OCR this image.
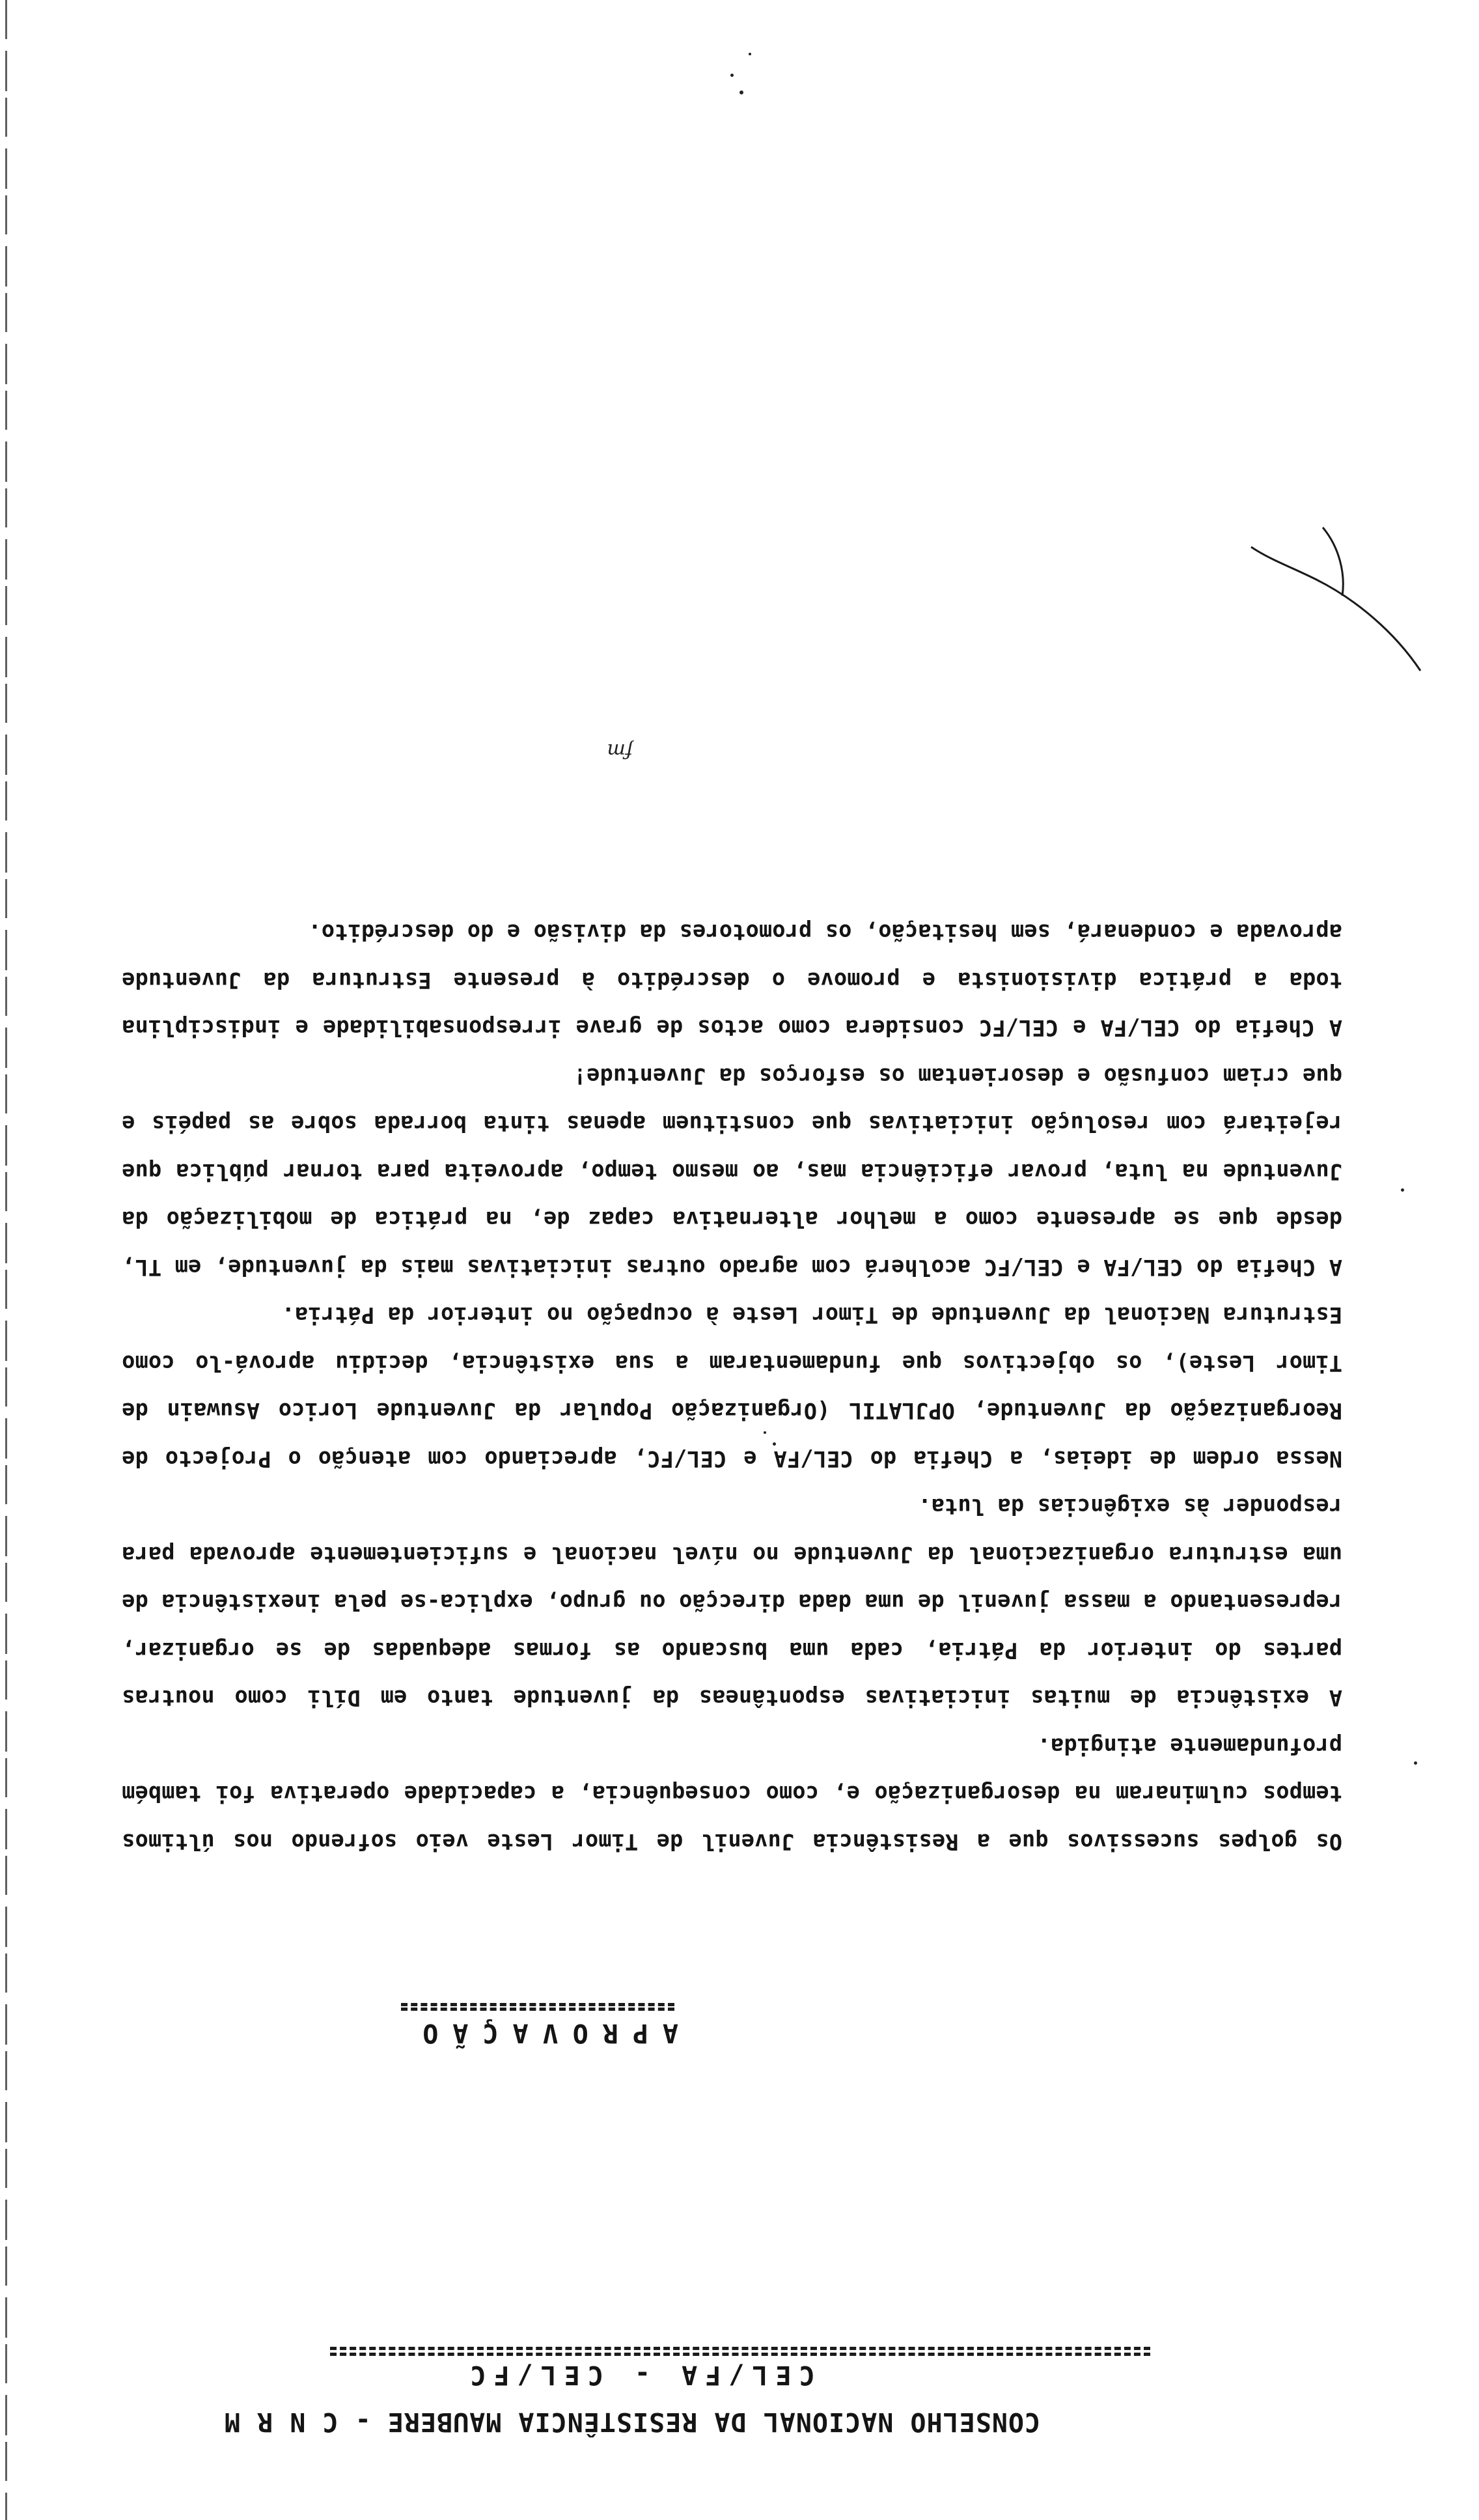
CONSELHO NACIONAL DA RESISTÊNCIA MAUBERE - C N R M
CEL/FA - CEL/FC
APROVAÇÃO

Os golpes sucessivos que a Resistência Juvenil de Timor Leste veio sofrendo nos últimos tempos culminaram na desorganização e, como consequência, a capacidade operativa foi também profundamente atingida.

A existência de muitas iniciativas espontâneas da juventude tanto em Díli como noutras partes do interior da Pátria, cada uma buscando as formas adequadas de se organizar, representando a massa juvenil de uma dada direcção ou grupo, explica-se pela inexistência de uma estrutura organizacional da Juventude no nível nacional e suficientemente aprovada para responder às exigências da luta.

Nessa ordem de ideias, a Chefia do CEL/FA e CEL/FC, apreciando com atenção o Projecto de Reorganização da Juventude, OPJLATIL (Organização Popular da Juventude Lorico Asuwain de Timor Leste), os objectivos que fundamentaram a sua existência, decidiu aprová-lo como Estrutura Nacional da Juventude de Timor Leste à ocupação no interior da Pátria.

A Chefia do CEL/FA e CEL/FC acolherá com agrado outras iniciativas mais da juventude, em TL, desde que se apresente como a melhor alternativa capaz de, na prática de mobilização da Juventude na luta, provar eficiência mas, ao mesmo tempo, aproveita para tornar pública que rejeitará com resolução iniciativas que constituem apenas tinta borrada sobre as papéis e que criam confusão e desorientam os esforços da Juventude!

A Chefia do CEL/FA e CEL/FC considera como actos de grave irresponsabilidade e indisciplina toda a prática divisionista e promove o descrédito à presente Estrutura da Juventude aprovada e condenará, sem hesitação, os promotores da divisão e do descrédito.

fm
